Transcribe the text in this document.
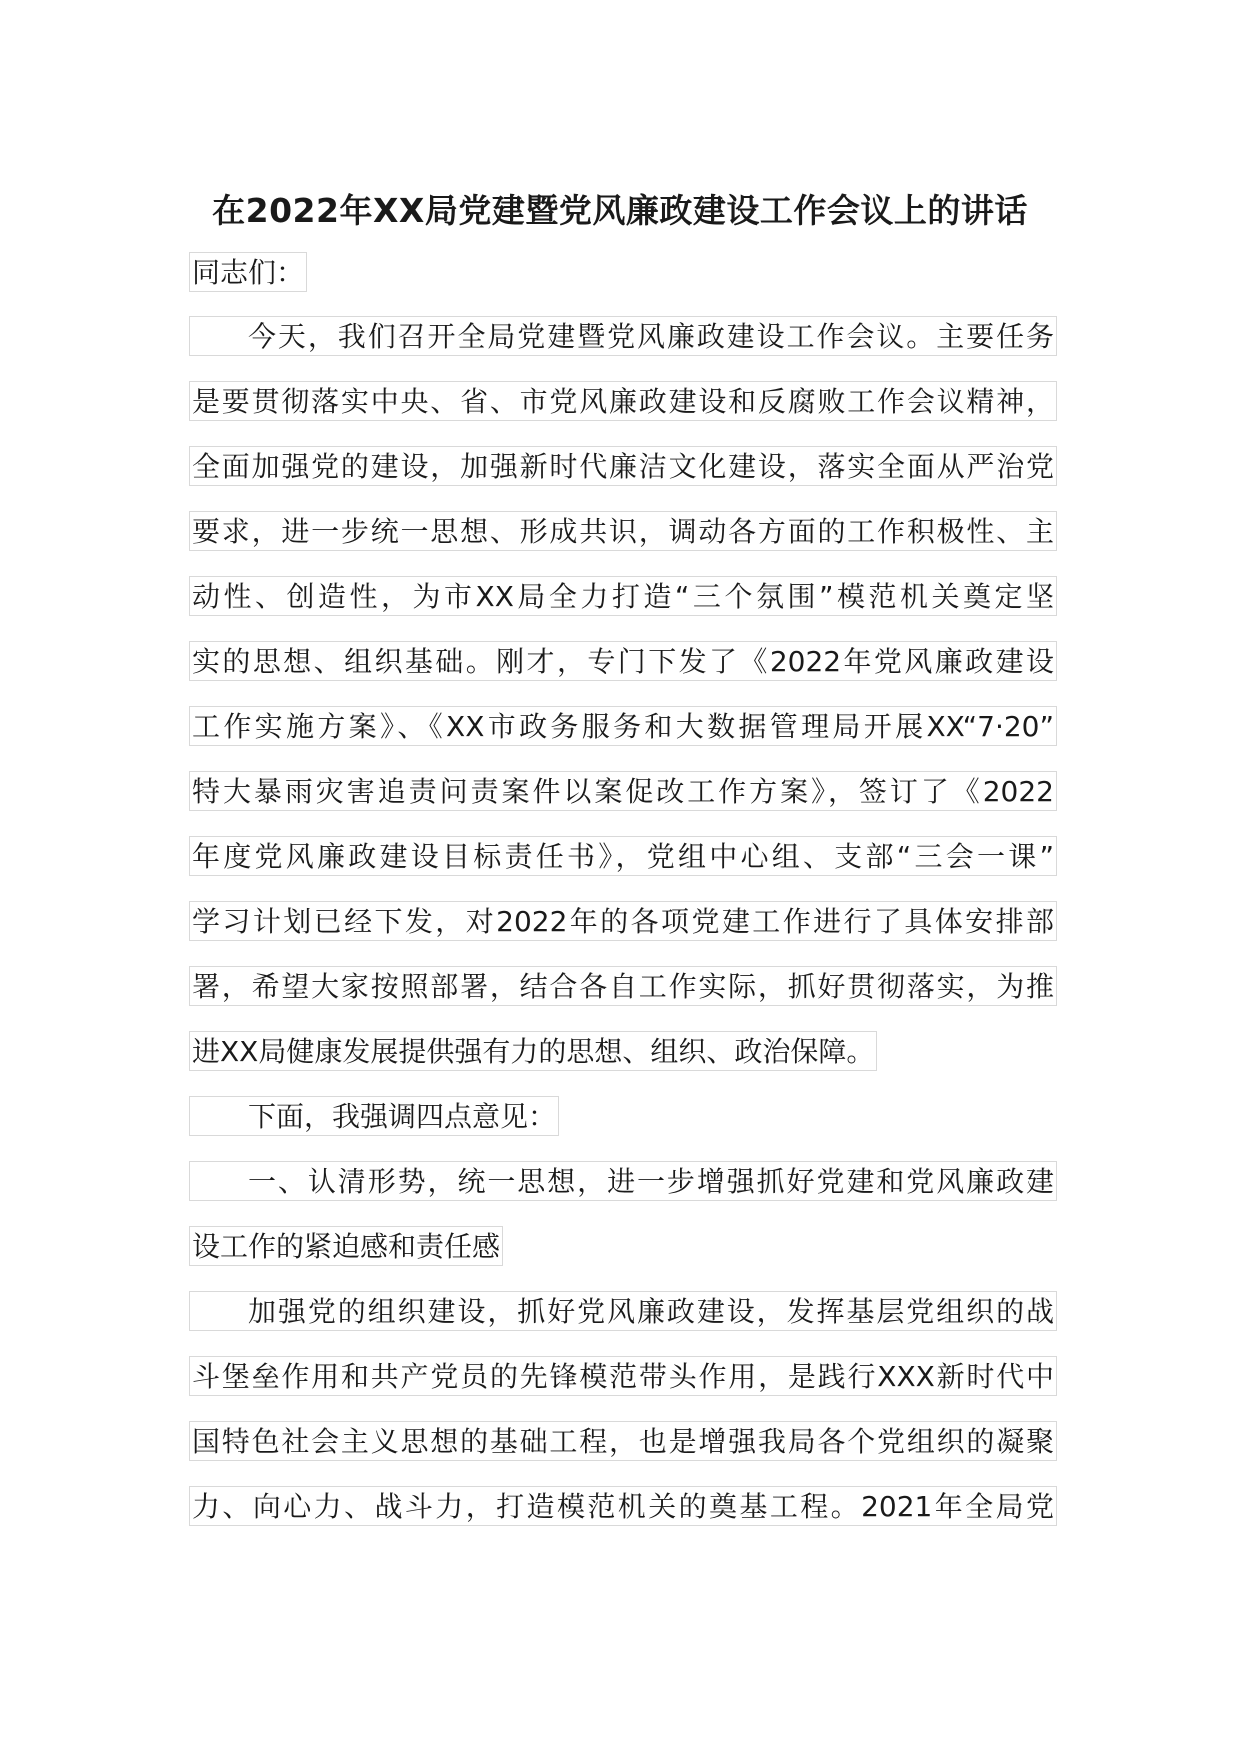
在2022年XX局党建暨党风廉政建设工作会议上的讲话
同志们：
今天，我们召开全局党建暨党风廉政建设工作会议。主要任务
是要贯彻落实中央、省、市党风廉政建设和反腐败工作会议精神，
全面加强党的建设，加强新时代廉洁文化建设，落实全面从严治党
要求，进一步统一思想、形成共识，调动各方面的工作积极性、主
动性、创造性，为市XX局全力打造“三个氛围”模范机关奠定坚
实的思想、组织基础。刚才，专门下发了《2022年党风廉政建设
工作实施方案》、《XX市政务服务和大数据管理局开展XX“7·20”
特大暴雨灾害追责问责案件以案促改工作方案》，签订了《2022
年度党风廉政建设目标责任书》，党组中心组、支部“三会一课”
学习计划已经下发，对2022年的各项党建工作进行了具体安排部
署，希望大家按照部署，结合各自工作实际，抓好贯彻落实，为推
进XX局健康发展提供强有力的思想、组织、政治保障。
下面，我强调四点意见：
一、认清形势，统一思想，进一步增强抓好党建和党风廉政建
设工作的紧迫感和责任感
加强党的组织建设，抓好党风廉政建设，发挥基层党组织的战
斗堡垒作用和共产党员的先锋模范带头作用，是践行XXX新时代中
国特色社会主义思想的基础工程，也是增强我局各个党组织的凝聚
力、向心力、战斗力，打造模范机关的奠基工程。2021年全局党
